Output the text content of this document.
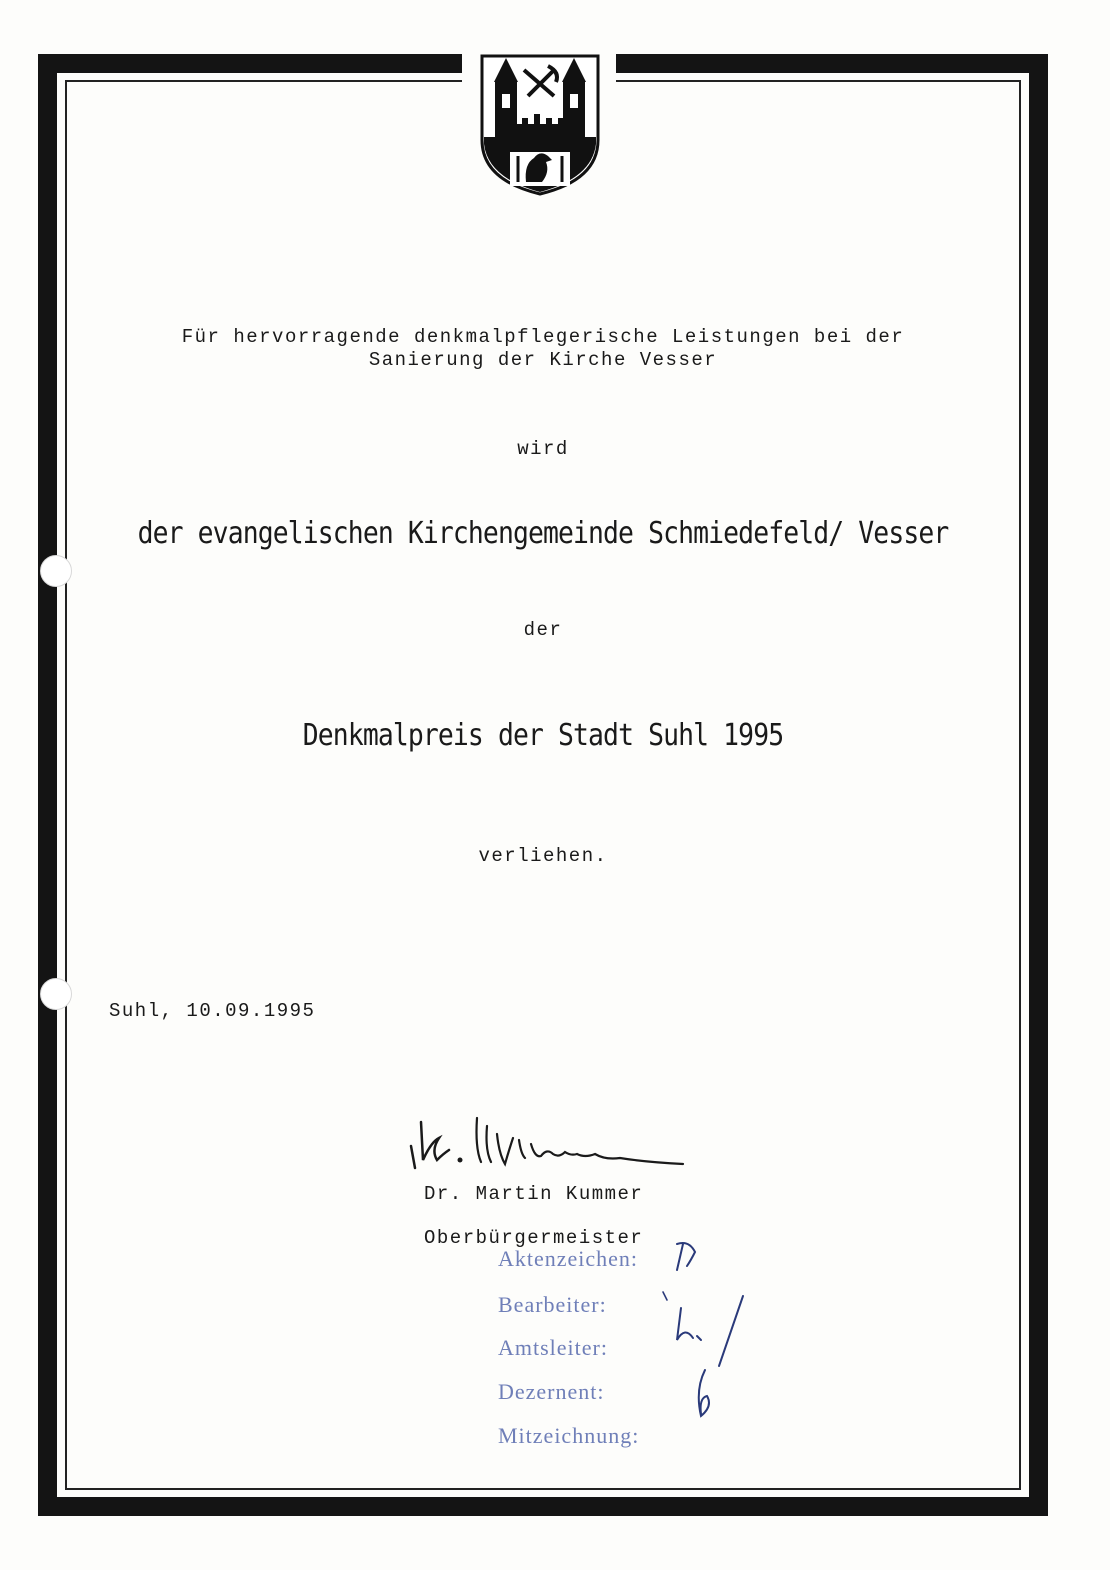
Für hervorragende denkmalpflegerische Leistungen bei der
Sanierung der Kirche Vesser
wird
der evangelischen Kirchengemeinde Schmiedefeld/ Vesser
der
Denkmalpreis der Stadt Suhl 1995
verliehen.
Suhl, 10.09.1995
Dr. Martin Kummer
Oberbürgermeister
Aktenzeichen:
Bearbeiter:
Amtsleiter:
Dezernent:
Mitzeichnung:
